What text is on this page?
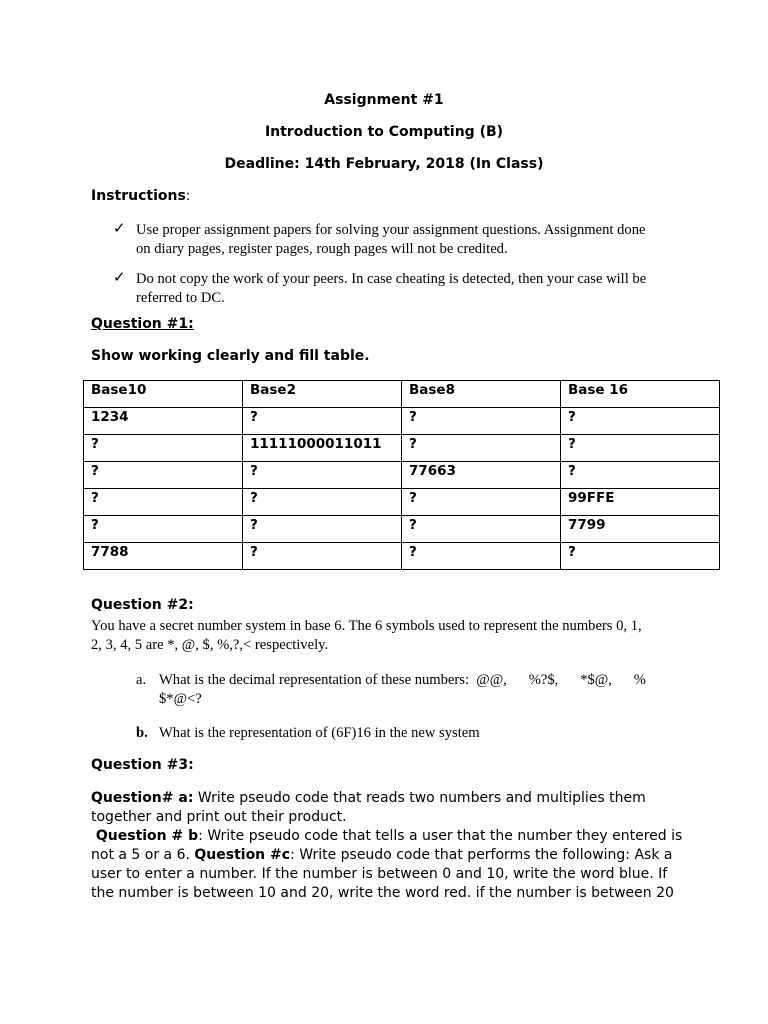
Assignment #1
Introduction to Computing (B)
Deadline: 14th February, 2018 (In Class)
Instructions:
✓ Use proper assignment papers for solving your assignment questions. Assignment done
on diary pages, register pages, rough pages will not be credited.
✓ Do not copy the work of your peers. In case cheating is detected, then your case will be
referred to DC.
Question #1:
Show working clearly and fill table.
Base10	Base2	Base8	Base 16
1234	?	?	?
?	11111000011011	?	?
?	?	77663	?
?	?	?	99FFE
?	?	?	7799
7788	?	?	?
Question #2:
You have a secret number system in base 6. The 6 symbols used to represent the numbers 0, 1,
2, 3, 4, 5 are *, @, $, %,?,< respectively.
a. What is the decimal representation of these numbers:  @@,      %?$,      *$@,      %
$*@<?
b. What is the representation of (6F)16 in the new system
Question #3:
Question# a: Write pseudo code that reads two numbers and multiplies them
together and print out their product.
Question # b: Write pseudo code that tells a user that the number they entered is
not a 5 or a 6. Question #c: Write pseudo code that performs the following: Ask a
user to enter a number. If the number is between 0 and 10, write the word blue. If
the number is between 10 and 20, write the word red. if the number is between 20
